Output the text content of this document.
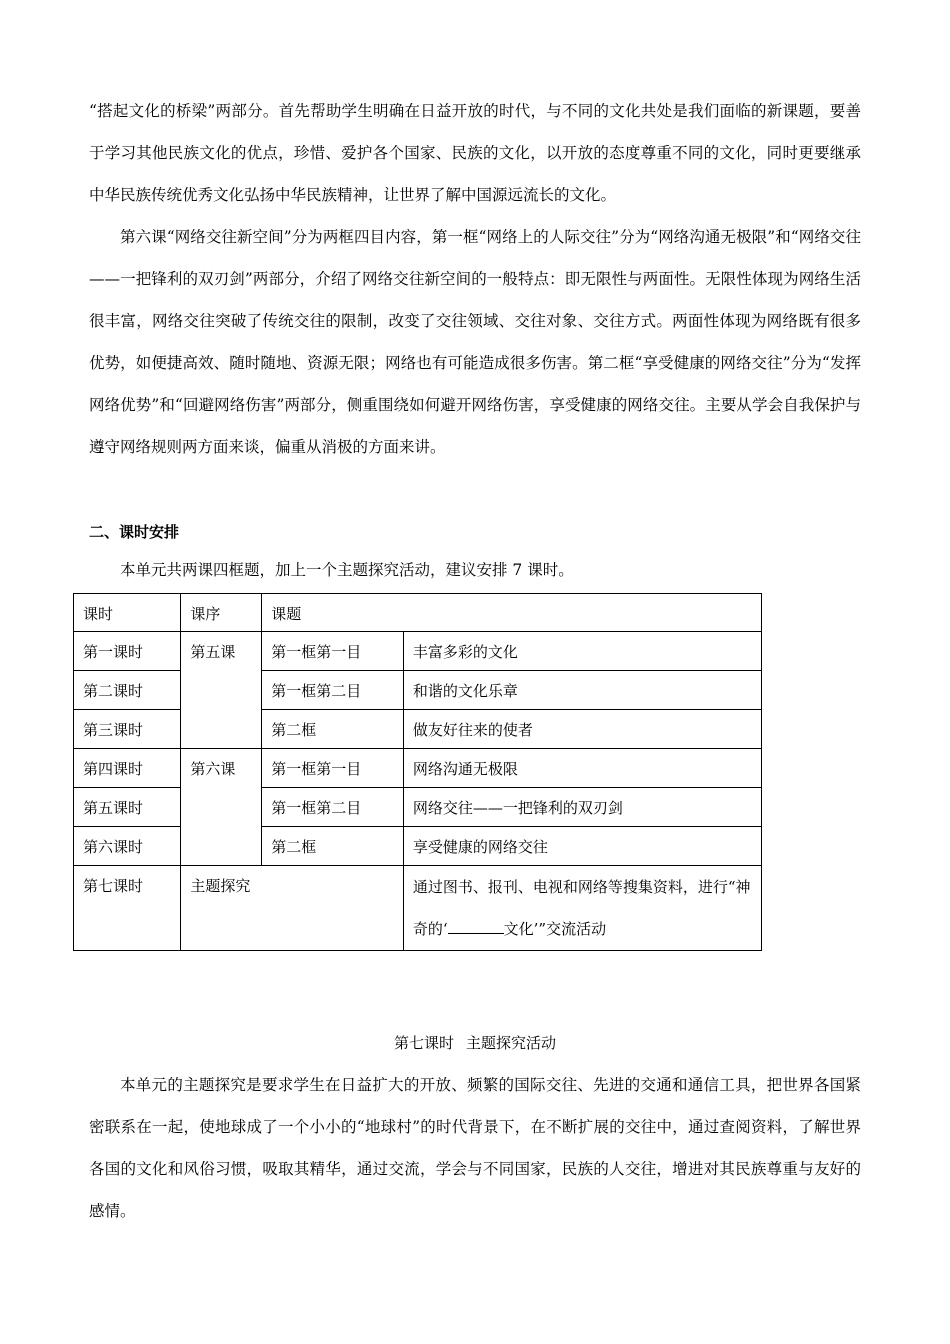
“搭起文化的桥梁”两部分。首先帮助学生明确在日益开放的时代，与不同的文化共处是我们面临的新课题，要善于学习其他民族文化的优点，珍惜、爱护各个国家、民族的文化，以开放的态度尊重不同的文化，同时更要继承中华民族传统优秀文化弘扬中华民族精神，让世界了解中国源远流长的文化。

第六课“网络交往新空间”分为两框四目内容，第一框“网络上的人际交往”分为“网络沟通无极限”和“网络交往——一把锋利的双刃剑”两部分，介绍了网络交往新空间的一般特点：即无限性与两面性。无限性体现为网络生活很丰富，网络交往突破了传统交往的限制，改变了交往领域、交往对象、交往方式。两面性体现为网络既有很多优势，如便捷高效、随时随地、资源无限；网络也有可能造成很多伤害。第二框“享受健康的网络交往”分为“发挥网络优势”和“回避网络伤害”两部分，侧重围绕如何避开网络伤害，享受健康的网络交往。主要从学会自我保护与遵守网络规则两方面来谈，偏重从消极的方面来讲。

二、课时安排

本单元共两课四框题，加上一个主题探究活动，建议安排 7 课时。

课时	课序	课题	
第一课时	第五课	第一框第一目	丰富多彩的文化
第二课时		第一框第二目	和谐的文化乐章
第三课时		第二框	做友好往来的使者
第四课时	第六课	第一框第一目	网络沟通无极限
第五课时		第一框第二目	网络交往——一把锋利的双刃剑
第六课时		第二框	享受健康的网络交往
第七课时	主题探究		通过图书、报刊、电视和网络等搜集资料，进行“神奇的‘ 文化’”交流活动

第七课时 主题探究活动

本单元的主题探究是要求学生在日益扩大的开放、频繁的国际交往、先进的交通和通信工具，把世界各国紧密联系在一起，使地球成了一个小小的“地球村”的时代背景下，在不断扩展的交往中，通过查阅资料，了解世界各国的文化和风俗习惯，吸取其精华，通过交流，学会与不同国家，民族的人交往，增进对其民族尊重与友好的感情。
